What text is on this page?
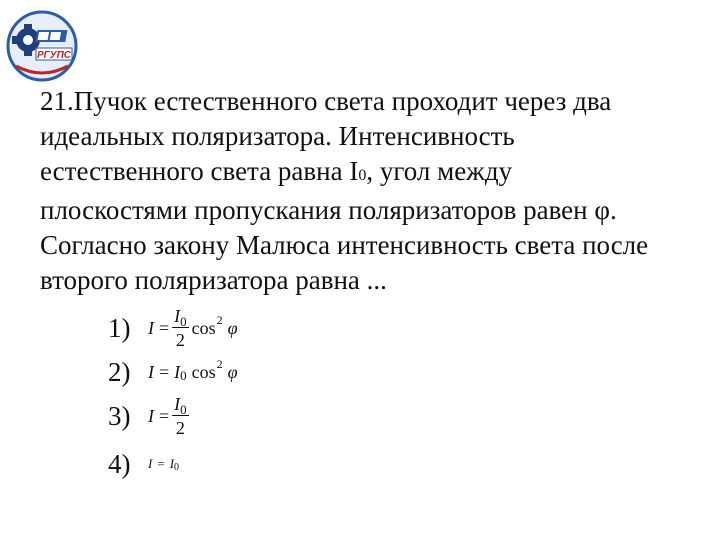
РГУПС

21.Пучок естественного света проходит через два
идеальных поляризатора. Интенсивность
естественного света равна I0, угол между
плоскостями пропускания поляризаторов равен φ.
Согласно закону Малюса интенсивность света после
второго поляризатора равна ...

1) $I = \frac{I_0}{2}$ cos 2 φ
2) I = I 0 cos 2 φ
3) $I = \frac{I_0}{2}$
4)	I = I 0
